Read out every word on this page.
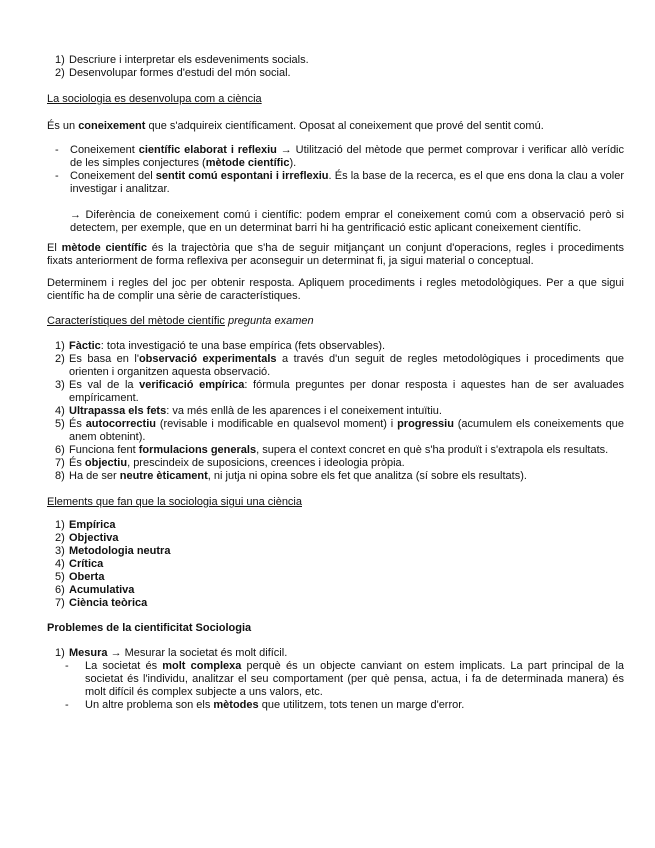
1) Descriure i interpretar els esdeveniments socials.
2) Desenvolupar formes d'estudi del món social.

La sociologia es desenvolupa com a ciència

És un coneixement que s'adquireix científicament. Oposat al coneixement que prové del sentit comú.

- Coneixement científic elaborat i reflexiu → Utilització del mètode que permet comprovar i verificar allò verídic de les simples conjectures (mètode científic).
- Coneixement del sentit comú espontani i irreflexiu. És la base de la recerca, es el que ens dona la clau a voler investigar i analitzar.

→ Diferència de coneixement comú i científic: podem emprar el coneixement comú com a observació però si detectem, per exemple, que en un determinat barri hi ha gentrificació estic aplicant coneixement científic.

El mètode científic és la trajectòria que s'ha de seguir mitjançant un conjunt d'operacions, regles i procediments fixats anteriorment de forma reflexiva per aconseguir un determinat fi, ja sigui material o conceptual.

Determinem i regles del joc per obtenir resposta. Apliquem procediments i regles metodològiques. Per a que sigui científic ha de complir una sèrie de característiques.

Característiques del mètode científic pregunta examen

1) Fàctic: tota investigació te una base empírica (fets observables).
2) Es basa en l'observació experimentals a través d'un seguit de regles metodològiques i procediments que orienten i organitzen aquesta observació.
3) Es val de la verificació empírica: fórmula preguntes per donar resposta i aquestes han de ser avaluades empíricament.
4) Ultrapassa els fets: va més enllà de les aparences i el coneixement intuïtiu.
5) És autocorrectiu (revisable i modificable en qualsevol moment) i progressiu (acumulem els coneixements que anem obtenint).
6) Funciona fent formulacions generals, supera el context concret en què s'ha produït i s'extrapola els resultats.
7) És objectiu, prescindeix de suposicions, creences i ideologia pròpia.
8) Ha de ser neutre èticament, ni jutja ni opina sobre els fet que analitza (sí sobre els resultats).

Elements que fan que la sociologia sigui una ciència

1) Empírica
2) Objectiva
3) Metodologia neutra
4) Crítica
5) Oberta
6) Acumulativa
7) Ciència teòrica

Problemes de la cientificitat Sociologia

1) Mesura → Mesurar la societat és molt difícil.
- La societat és molt complexa perquè és un objecte canviant on estem implicats. La part principal de la societat és l'individu, analitzar el seu comportament (per què pensa, actua, i fa de determinada manera) és molt difícil és complex subjecte a uns valors, etc.
- Un altre problema son els mètodes que utilitzem, tots tenen un marge d'error.
